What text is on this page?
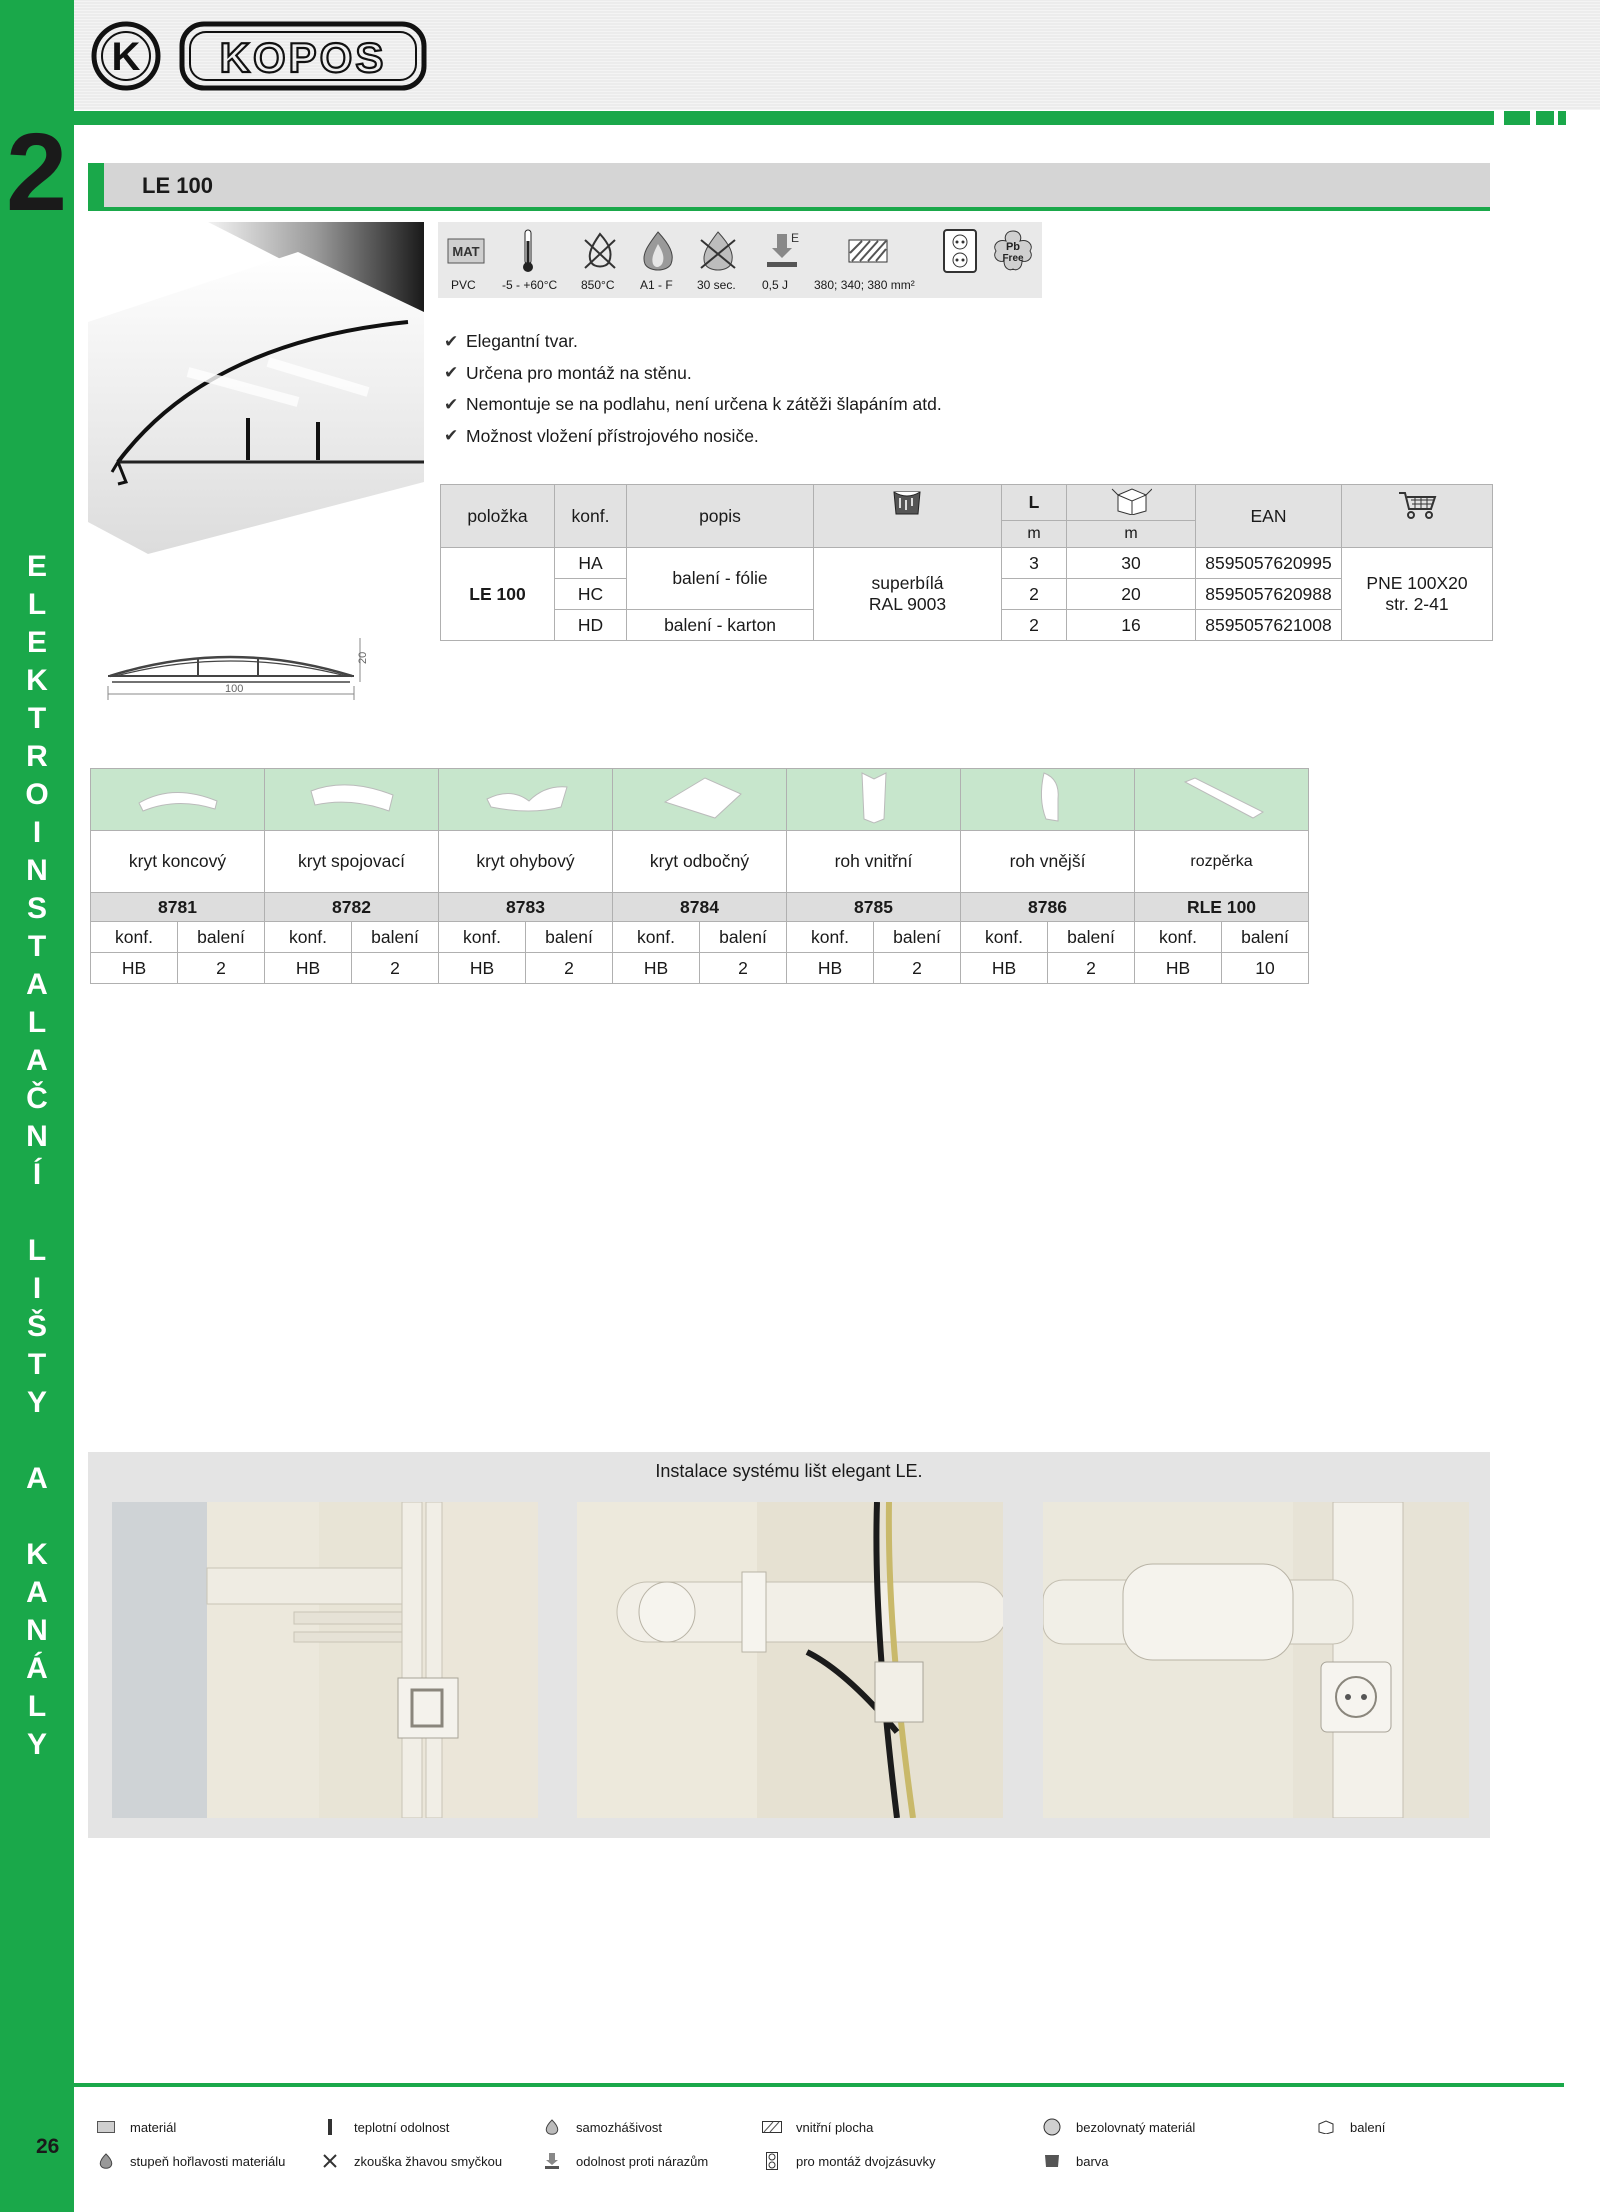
2
E
L
E
K
T
R
O
I
N
S
T
A
L
A
Č
N
Í
L
I
Š
T
Y
A
K
A
N
Á
L
Y
K KOPOS
LE 100
MAT
E
Pb
Free
PVC -5 - +60°C 850°C A1 - F 30 sec. 0,5 J 380; 340; 380 mm²
✔ Elegantní tvar.
✔ Určena pro montáž na stěnu.
✔ Nemontuje se na podlahu, není určena k zátěži šlapáním atd.
✔ Možnost vložení přístrojového nosiče.
položka	konf.	popis		L		EAN	
				m	m		
LE 100	HA	balení - fólie	superbílá RAL 9003	3	30	8595057620995	PNE 100X20 str. 2-41
	HC			2	20	8595057620988	
	HD	balení - karton		2	16	8595057621008	
100
20

kryt koncový		kryt spojovací		kryt ohybový		kryt odbočný		roh vnitřní		roh vnější		rozpěrka	
8781		8782		8783		8784		8785		8786		RLE 100	
konf.	balení	konf.	balení	konf.	balení	konf.	balení	konf.	balení	konf.	balení	konf.	balení
HB	2	HB	2	HB	2	HB	2	HB	2	HB	2	HB	10
Instalace systému lišt elegant LE.
26
materiál	teplotní odolnost	samozhášivost	vnitřní plocha	bezolovnatý materiál	balení
stupeň hořlavosti materiálu	zkouška žhavou smyčkou	odolnost proti nárazům	pro montáž dvojzásuvky	barva
